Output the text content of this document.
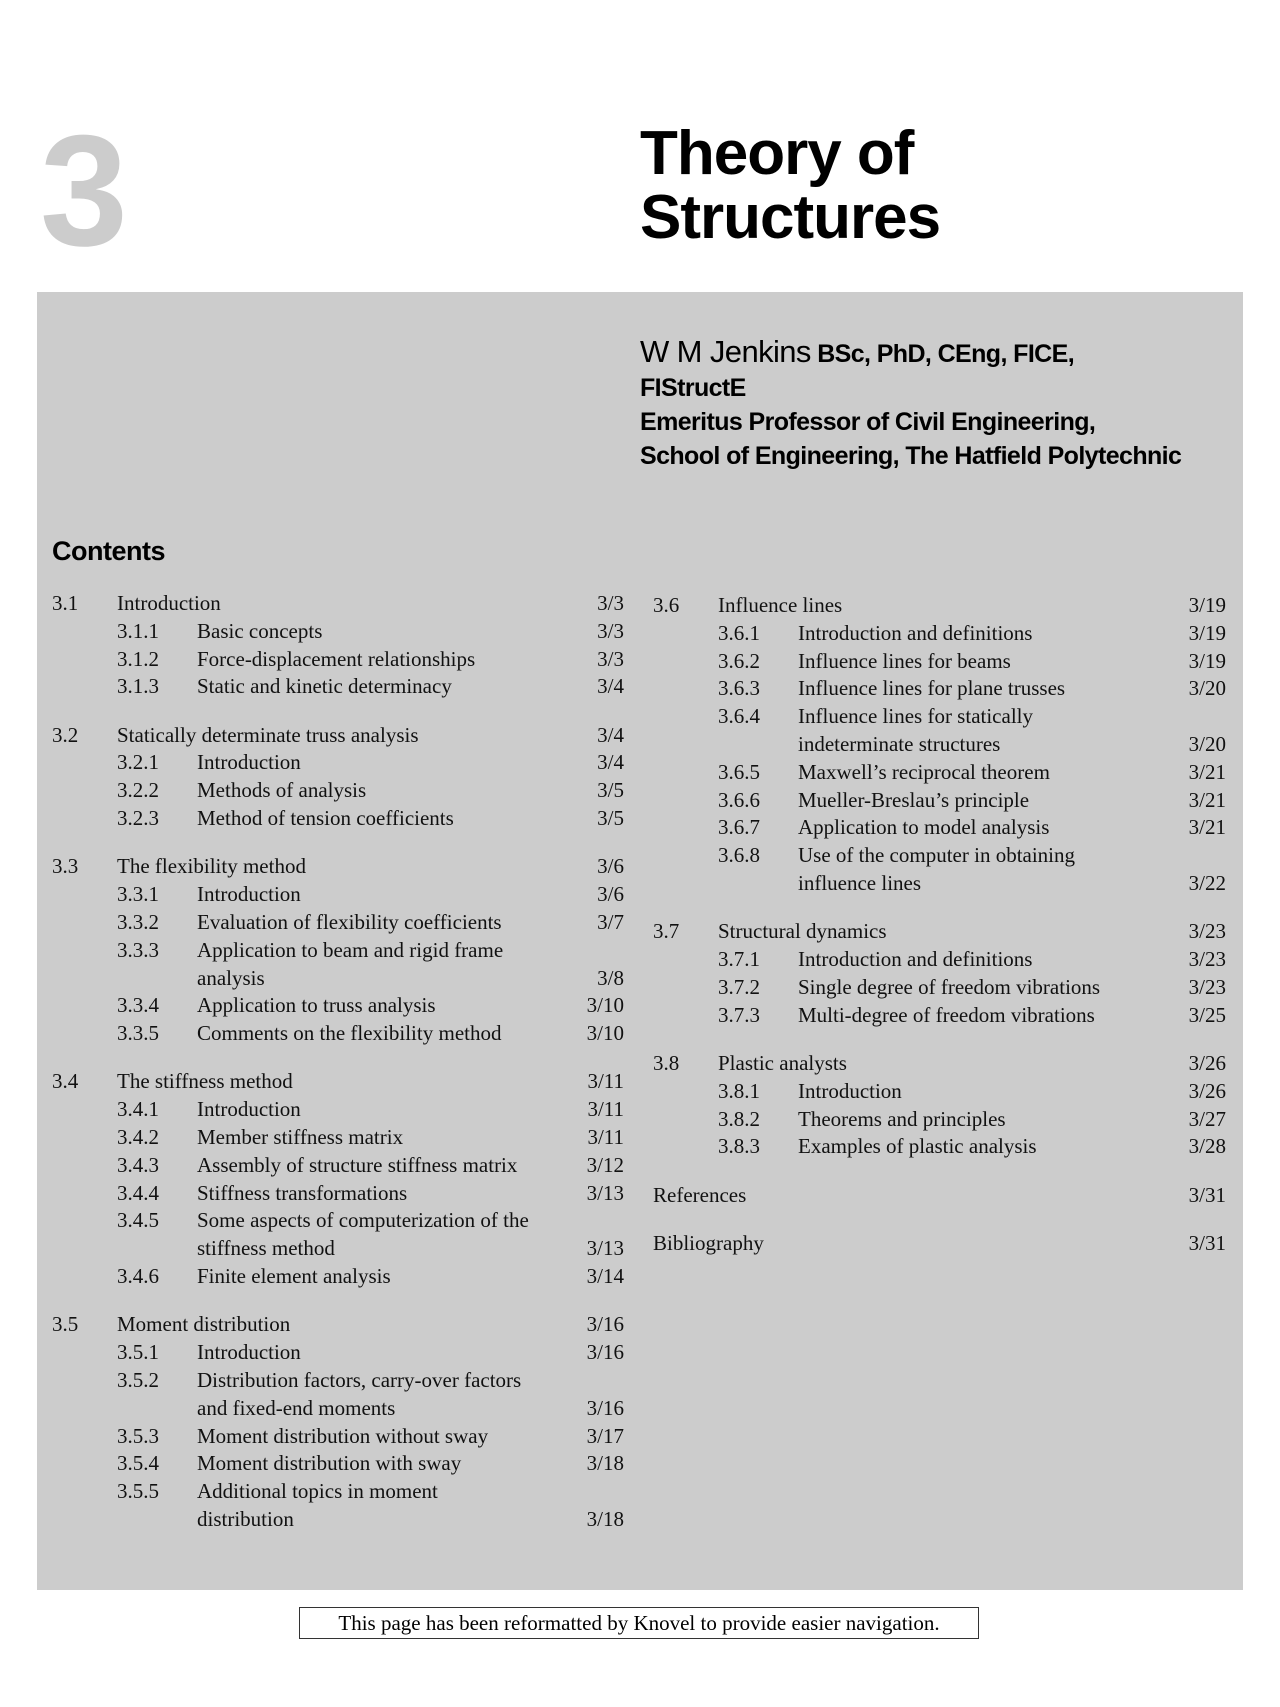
3	Theory of
Structures
W M Jenkins BSc, PhD, CEng, FICE,
FIStructE
Emeritus Professor of Civil Engineering,
School of Engineering, The Hatfield Polytechnic
Contents
3.1 Introduction	3/3
3.1.1 Basic concepts	3/3
3.1.2 Force-displacement relationships	3/3
3.1.3 Static and kinetic determinacy	3/4
3.2 Statically determinate truss analysis	3/4
3.2.1 Introduction	3/4
3.2.2 Methods of analysis	3/5
3.2.3 Method of tension coefficients	3/5
3.3 The flexibility method	3/6
3.3.1 Introduction	3/6
3.3.2 Evaluation of flexibility coefficients	3/7
3.3.3 Application to beam and rigid frame
analysis	3/8
3.3.4 Application to truss analysis	3/10
3.3.5 Comments on the flexibility method	3/10
3.4 The stiffness method	3/11
3.4.1 Introduction	3/11
3.4.2 Member stiffness matrix	3/11
3.4.3 Assembly of structure stiffness matrix	3/12
3.4.4 Stiffness transformations	3/13
3.4.5 Some aspects of computerization of the
stiffness method	3/13
3.4.6 Finite element analysis	3/14
3.5 Moment distribution	3/16
3.5.1 Introduction	3/16
3.5.2 Distribution factors, carry-over factors
and fixed-end moments	3/16
3.5.3 Moment distribution without sway	3/17
3.5.4 Moment distribution with sway	3/18
3.5.5 Additional topics in moment
distribution	3/18
3.6 Influence lines	3/19
3.6.1 Introduction and definitions	3/19
3.6.2 Influence lines for beams	3/19
3.6.3 Influence lines for plane trusses	3/20
3.6.4 Influence lines for statically
indeterminate structures	3/20
3.6.5 Maxwell’s reciprocal theorem	3/21
3.6.6 Mueller-Breslau’s principle	3/21
3.6.7 Application to model analysis	3/21
3.6.8 Use of the computer in obtaining
influence lines	3/22
3.7 Structural dynamics	3/23
3.7.1 Introduction and definitions	3/23
3.7.2 Single degree of freedom vibrations	3/23
3.7.3 Multi-degree of freedom vibrations	3/25
3.8 Plastic analysts	3/26
3.8.1 Introduction	3/26
3.8.2 Theorems and principles	3/27
3.8.3 Examples of plastic analysis	3/28
References	3/31
Bibliography	3/31
This page has been reformatted by Knovel to provide easier navigation.
